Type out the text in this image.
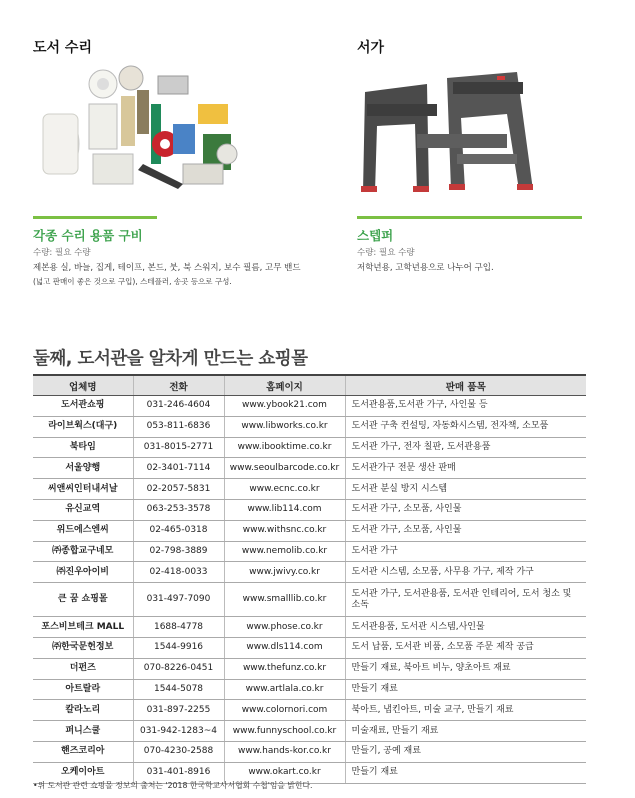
도서 수리
각종 수리 용품 구비
수량: 필요 수량
제본용 실, 바늘, 집게, 테이프, 본드, 붓, 북 스워지, 보수 필름, 고무 밴드
(넓고 판매이 좋은 것으로 구입), 스테플러, 송곳 등으로 구성.
서가
스텝퍼
수량: 필요 수량
저학년용, 고학년용으로 나누어 구입.
둘째, 도서관을 알차게 만드는 쇼핑몰
업체명	전화	홈페이지	판매 품목
도서관쇼핑	031-246-4604	www.ybook21.com	도서관용품,도서관 가구, 사인물 등
라이브웍스(대구)	053-811-6836	www.libworks.co.kr	도서관 구축 컨설팅, 자동화시스템, 전자책, 소모품
북타임	031-8015-2771	www.ibooktime.co.kr	도서관 가구, 전자 칠판, 도서관용품
서울양행	02-3401-7114	www.seoulbarcode.co.kr	도서관가구 전문 생산 판매
씨앤씨인터내셔날	02-2057-5831	www.ecnc.co.kr	도서관 분실 방지 시스템
유신교역	063-253-3578	www.lib114.com	도서관 가구, 소모품, 사인물
위드에스엔씨	02-465-0318	www.withsnc.co.kr	도서관 가구, 소모품, 사인물
㈜종합교구네모	02-798-3889	www.nemolib.co.kr	도서관 가구
㈜진우아이비	02-418-0033	www.jwivy.co.kr	도서관 시스템, 소모품, 사무용 가구, 제작 가구
큰 꿈 쇼핑몰	031-497-7090	www.smalllib.co.kr	도서관 가구, 도서관용품, 도서관 인테리어, 도서 청소 및 소독
포스비브테크 MALL	1688-4778	www.phose.co.kr	도서관용품, 도서관 시스템,사인물
㈜한국문헌정보	1544-9916	www.dls114.com	도서 납품, 도서관 비품, 소모품 주문 제작 공급
더펀즈	070-8226-0451	www.thefunz.co.kr	만들기 재료, 북아트 비누, 양초아트 재료
아트랄라	1544-5078	www.artlala.co.kr	만들기 재료
칼라노리	031-897-2255	www.colornori.com	북아트, 냅킨아트, 미술 교구, 만들기 재료
퍼니스쿨	031-942-1283~4	www.funnyschool.co.kr	미술재료, 만들기 재료
핸즈코리아	070-4230-2588	www.hands-kor.co.kr	만들기, 공예 재료
오케이아트	031-401-8916	www.okart.co.kr	만들기 재료
•위 도서관 관련 쇼핑몰 정보의 출처는 '2018 한국학교사서협회 수첩'임을 밝힌다.
